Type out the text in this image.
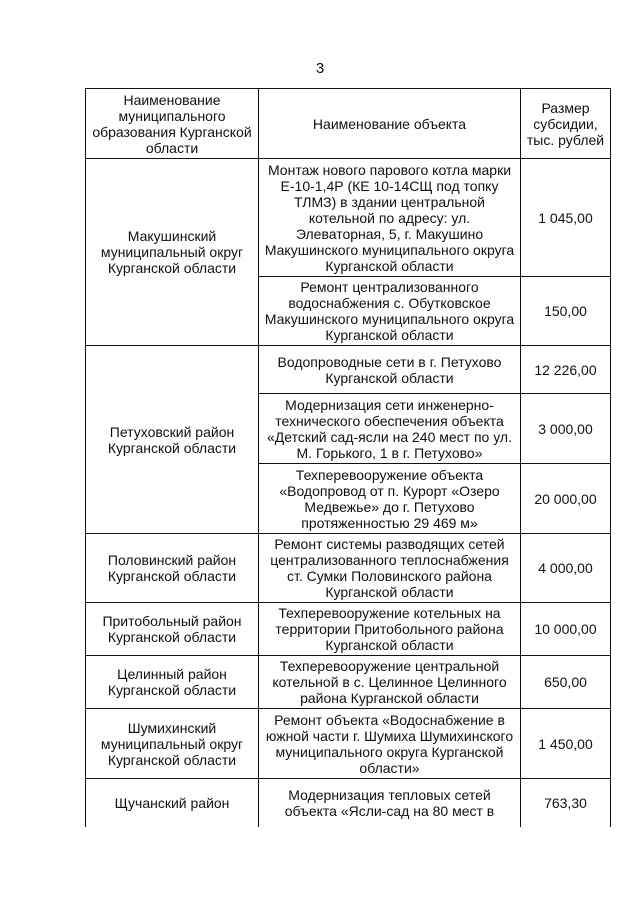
3
Наименование муниципального образования Курганской области	Наименование объекта	Размер субсидии, тыс. рублей
Макушинский муниципальный округ Курганской области	Монтаж нового парового котла марки Е-10-1,4Р (КЕ 10-14СЩ под топку ТЛМЗ) в здании центральной котельной по адресу: ул. Элеваторная, 5, г. Макушино Макушинского муниципального округа Курганской области	1 045,00
	Ремонт централизованного водоснабжения с. Обутковское Макушинского муниципального округа Курганской области	150,00
Петуховский район Курганской области	Водопроводные сети в г. Петухово Курганской области	12 226,00
	Модернизация сети инженерно-технического обеспечения объекта «Детский сад-ясли на 240 мест по ул. М. Горького, 1 в г. Петухово»	3 000,00
	Техперевооружение объекта «Водопровод от п. Курорт «Озеро Медвежье» до г. Петухово протяженностью 29 469 м»	20 000,00
Половинский район Курганской области	Ремонт системы разводящих сетей централизованного теплоснабжения ст. Сумки Половинского района Курганской области	4 000,00
Притобольный район Курганской области	Техперевооружение котельных на территории Притобольного района Курганской области	10 000,00
Целинный район Курганской области	Техперевооружение центральной котельной в с. Целинное Целинного района Курганской области	650,00
Шумихинский муниципальный округ Курганской области	Ремонт объекта «Водоснабжение в южной части г. Шумиха Шумихинского муниципального округа Курганской области»	1 450,00
Щучанский район	Модернизация тепловых сетей объекта «Ясли-сад на 80 мест в	763,30
